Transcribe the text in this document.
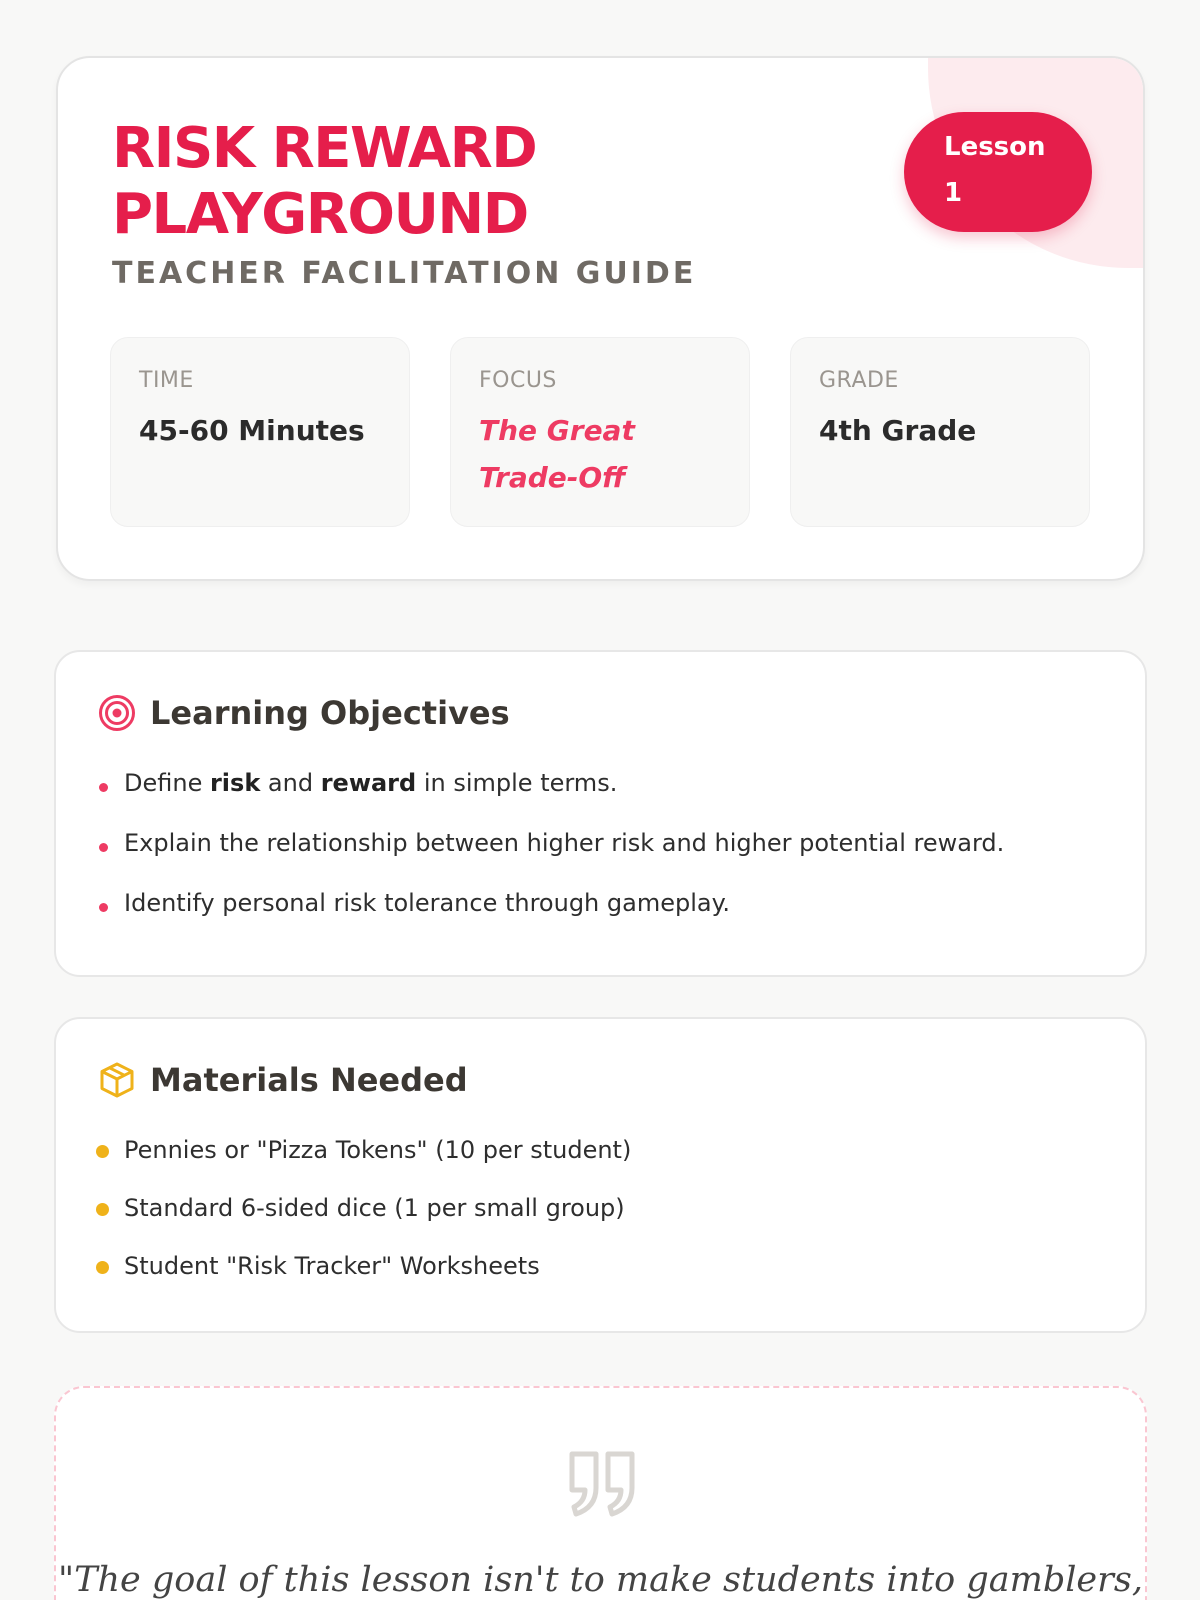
RISK REWARD
PLAYGROUND
TEACHER FACILITATION GUIDE
Lesson
1
TIME
45-60 Minutes
FOCUS
The Great Trade-Off
GRADE
4th Grade
Learning Objectives
Define risk and reward in simple terms.
Explain the relationship between higher risk and higher potential reward.
Identify personal risk tolerance through gameplay.
Materials Needed
Pennies or "Pizza Tokens" (10 per student)
Standard 6-sided dice (1 per small group)
Student "Risk Tracker" Worksheets

"The goal of this lesson isn't to make students into gamblers,
